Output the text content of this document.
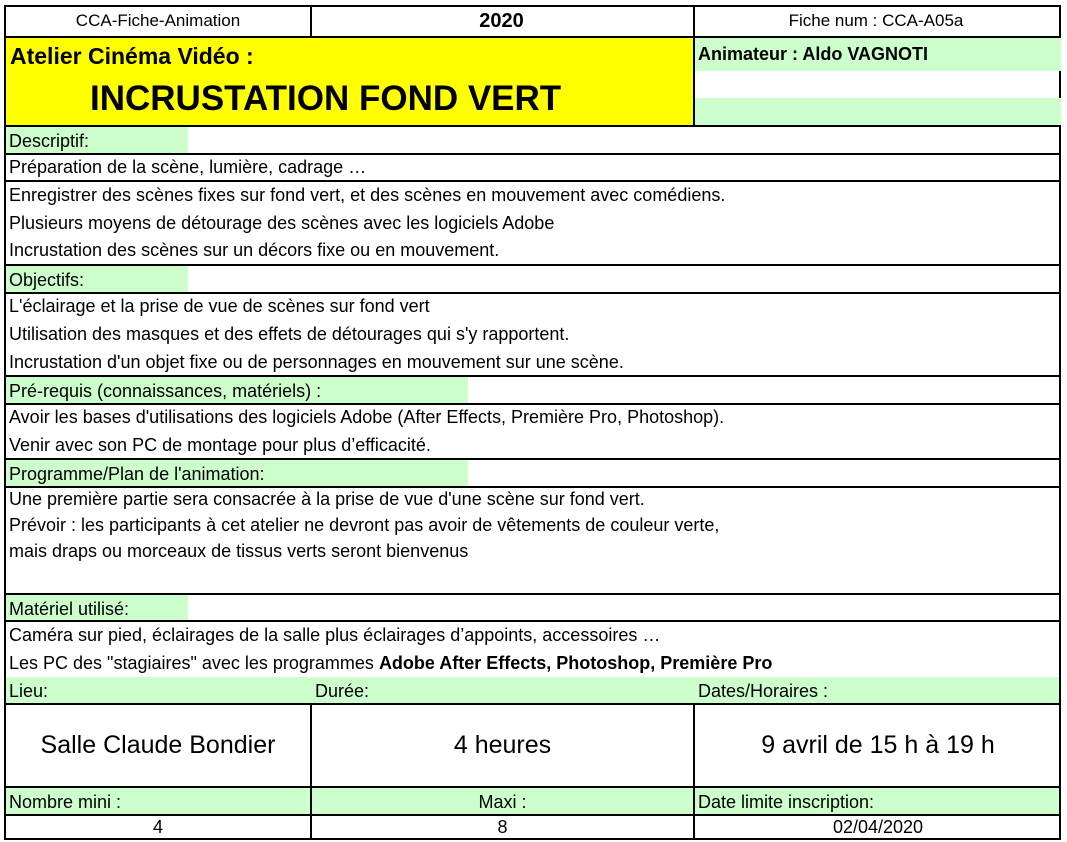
CCA-Fiche-Animation	2020	Fiche num : CCA-A05a
Atelier Cinéma Vidéo :
INCRUSTATION FOND VERT
Animateur : Aldo VAGNOTI
Descriptif:
Préparation de la scène, lumière, cadrage …
Enregistrer des scènes fixes sur fond vert, et des scènes en mouvement avec comédiens.
Plusieurs moyens de détourage des scènes avec les logiciels Adobe
Incrustation des scènes sur un décors fixe ou en mouvement.
Objectifs:
L'éclairage et la prise de vue de scènes sur fond vert
Utilisation des masques et des effets de détourages qui s'y rapportent.
Incrustation d'un objet fixe ou de personnages en mouvement sur une scène.
Pré-requis (connaissances, matériels) :
Avoir les bases d'utilisations des logiciels Adobe (After Effects, Première Pro, Photoshop).
Venir avec son PC de montage pour plus d’efficacité.
Programme/Plan de l'animation:
Une première partie sera consacrée à la prise de vue d'une scène sur fond vert.
Prévoir : les participants à cet atelier ne devront pas avoir de vêtements de couleur verte,
mais draps ou morceaux de tissus verts seront bienvenus
Matériel utilisé:
Caméra sur pied, éclairages de la salle plus éclairages d’appoints, accessoires …
Les PC des "stagiaires" avec les programmes Adobe After Effects, Photoshop, Première Pro
Lieu:	Durée:	Dates/Horaires :
Salle Claude Bondier	4 heures	9 avril de 15 h à 19 h
Nombre mini :	Maxi :	Date limite inscription:
4	8	02/04/2020
